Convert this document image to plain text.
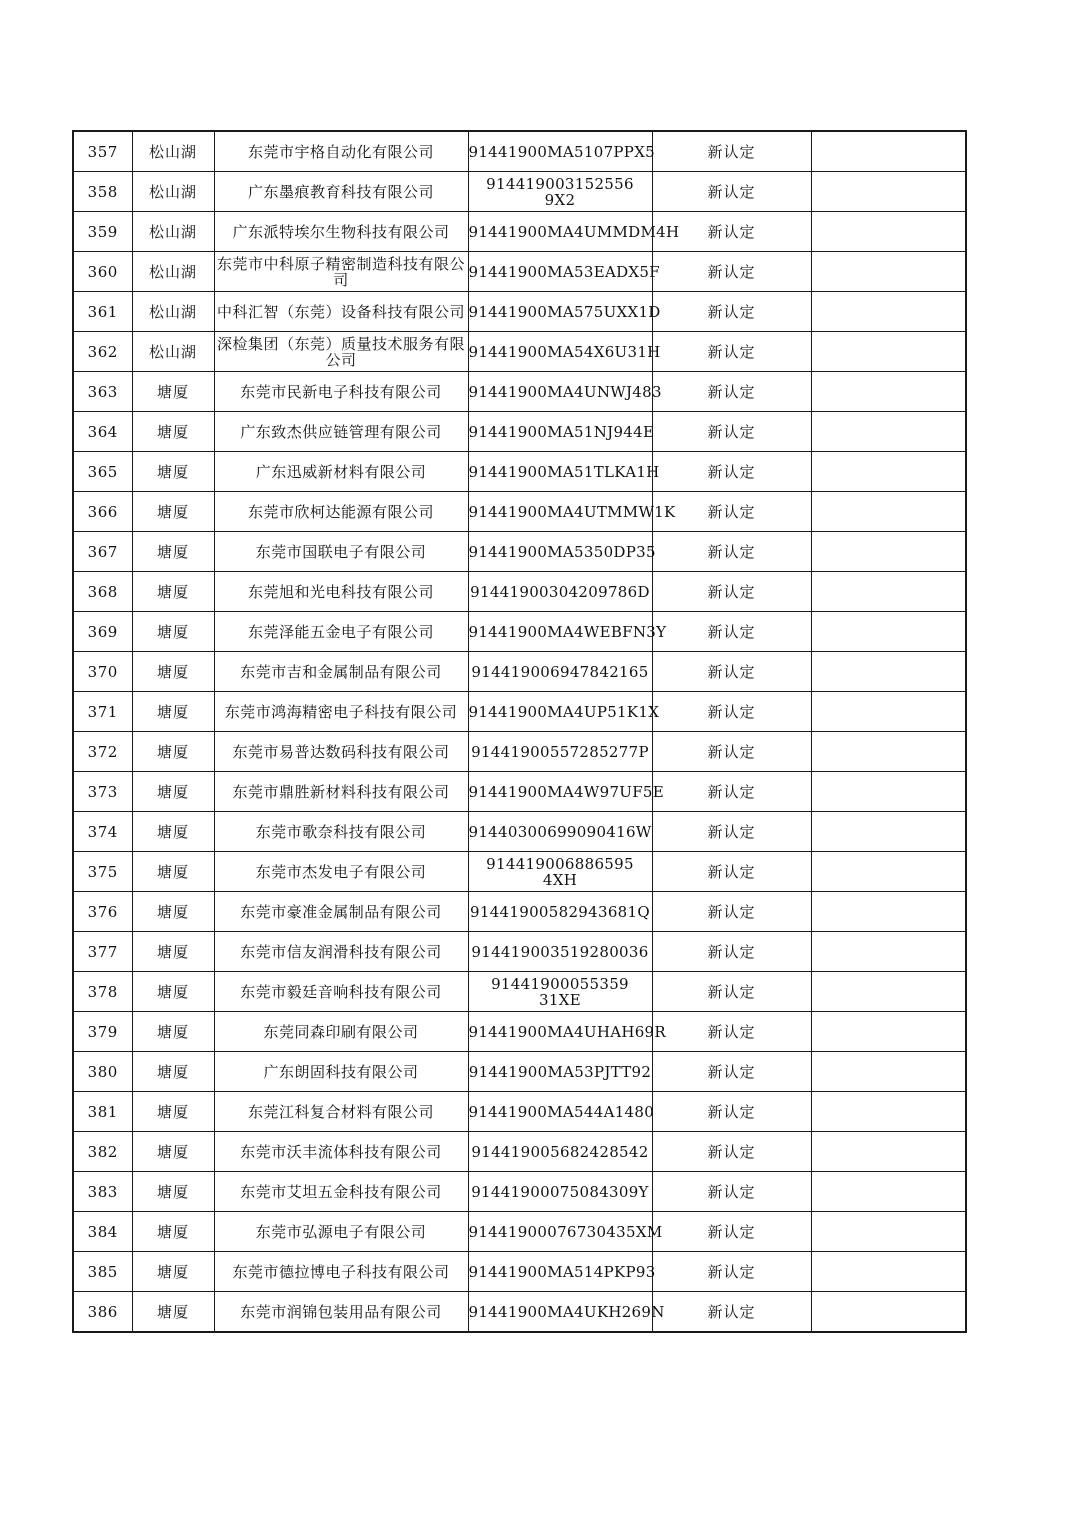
357	松山湖	东莞市宇格自动化有限公司	91441900MA5107PPX5	新认定	
358	松山湖	广东墨痕教育科技有限公司	914419003152556 9X2	新认定	
359	松山湖	广东派特埃尔生物科技有限公司	91441900MA4UMMDM4H	新认定	
360	松山湖	东莞市中科原子精密制造科技有限公司	91441900MA53EADX5F	新认定	
361	松山湖	中科汇智（东莞）设备科技有限公司	91441900MA575UXX1D	新认定	
362	松山湖	深检集团（东莞）质量技术服务有限公司	91441900MA54X6U31H	新认定	
363	塘厦	东莞市民新电子科技有限公司	91441900MA4UNWJ483	新认定	
364	塘厦	广东致杰供应链管理有限公司	91441900MA51NJ944E	新认定	
365	塘厦	广东迅威新材料有限公司	91441900MA51TLKA1H	新认定	
366	塘厦	东莞市欣柯达能源有限公司	91441900MA4UTMMW1K	新认定	
367	塘厦	东莞市国联电子有限公司	91441900MA5350DP35	新认定	
368	塘厦	东莞旭和光电科技有限公司	91441900304209786D	新认定	
369	塘厦	东莞泽能五金电子有限公司	91441900MA4WEBFN3Y	新认定	
370	塘厦	东莞市吉和金属制品有限公司	914419006947842165	新认定	
371	塘厦	东莞市鸿海精密电子科技有限公司	91441900MA4UP51K1X	新认定	
372	塘厦	东莞市易普达数码科技有限公司	91441900557285277P	新认定	
373	塘厦	东莞市鼎胜新材料科技有限公司	91441900MA4W97UF5E	新认定	
374	塘厦	东莞市歌奈科技有限公司	91440300699090416W	新认定	
375	塘厦	东莞市杰发电子有限公司	914419006886595 4XH	新认定	
376	塘厦	东莞市豪准金属制品有限公司	91441900582943681Q	新认定	
377	塘厦	东莞市信友润滑科技有限公司	914419003519280036	新认定	
378	塘厦	东莞市毅廷音响科技有限公司	91441900055359 31XE	新认定	
379	塘厦	东莞同森印刷有限公司	91441900MA4UHAH69R	新认定	
380	塘厦	广东朗固科技有限公司	91441900MA53PJTT92	新认定	
381	塘厦	东莞江科复合材料有限公司	91441900MA544A1480	新认定	
382	塘厦	东莞市沃丰流体科技有限公司	914419005682428542	新认定	
383	塘厦	东莞市艾坦五金科技有限公司	91441900075084309Y	新认定	
384	塘厦	东莞市弘源电子有限公司	91441900076730435XM	新认定	
385	塘厦	东莞市德拉博电子科技有限公司	91441900MA514PKP93	新认定	
386	塘厦	东莞市润锦包装用品有限公司	91441900MA4UKH269N	新认定	
